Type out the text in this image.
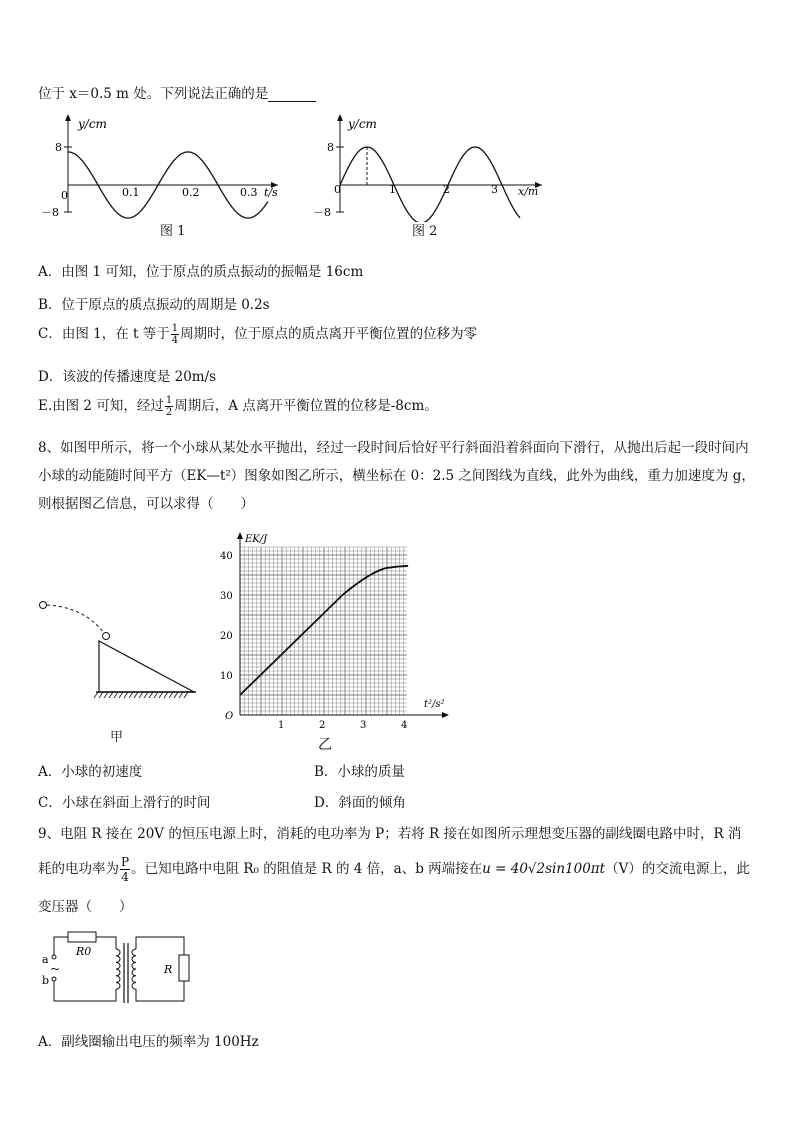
位于 x＝0.5 m 处。下列说法正确的是
y/cm
8
－8
0	0.1	0.2	0.3 t/s
图 1
y/cm
8
－8
0	1	2	3 x/m
图 2
A．由图 1 可知，位于原点的质点振动的振幅是 16cm
B．位于原点的质点振动的周期是 0.2s
C．由图 1，在 t 等于 $\frac{1}{4}$ 周期时，位于原点的质点离开平衡位置的位移为零
D．该波的传播速度是 20m/s
E.由图 2 可知，经过 $\frac{1}{2}$ 周期后，A 点离开平衡位置的位移是-8cm。
8、如图甲所示，将一个小球从某处水平抛出，经过一段时间后恰好平行斜面沿着斜面向下滑行，从抛出后起一段时间内小球的动能随时间平方（EK—t²）图象如图乙所示，横坐标在 0：2.5 之间图线为直线，此外为曲线，重力加速度为 g，则根据图乙信息，可以求得（　　）
甲
EK/J
t²/s²
O
10
20
30
40
1	2	3	4
乙
A．小球的初速度	B．小球的质量
C．小球在斜面上滑行的时间	D．斜面的倾角
9、电阻 R 接在 20V 的恒压电源上时，消耗的电功率为 P；若将 R 接在如图所示理想变压器的副线圈电路中时，R 消
耗的电功率为 $\frac{P}{4}$ 。已知电路中电阻 R₀ 的阻值是 R 的 4 倍，a、b 两端接在u = 40√2sin100πt（V）的交流电源上，此
变压器（　　）
R0
R
a
b
~
A．副线圈输出电压的频率为 100Hz
